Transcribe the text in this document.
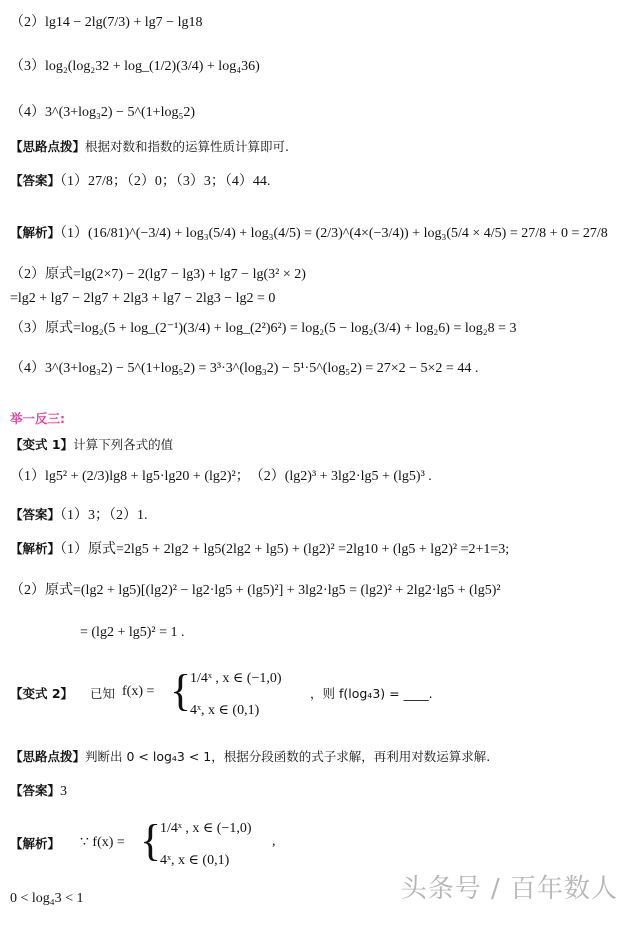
（2）lg14 − 2lg(7/3) + lg7 − lg18
（3）log₂(log₂32 + log_(1/2)(3/4) + log₄36)
（4）3^(3+log₃2) − 5^(1+log₅2)
【思路点拨】根据对数和指数的运算性质计算即可.
【答案】（1）27/8；（2）0；（3）3；（4）44.
【解析】（1）(16/81)^(−3/4) + log₃(5/4) + log₃(4/5) = (2/3)^(4×(−3/4)) + log₃(5/4 × 4/5) = 27/8 + 0 = 27/8
（2）原式=lg(2×7) − 2(lg7 − lg3) + lg7 − lg(3² × 2)
=lg2 + lg7 − 2lg7 + 2lg3 + lg7 − 2lg3 − lg2 = 0
（3）原式=log₂(5 + log_(2⁻¹)(3/4) + log_(2²)6²) = log₂(5 − log₂(3/4) + log₂6) = log₂8 = 3
（4）3^(3+log₃2) − 5^(1+log₅2) = 3³·3^(log₃2) − 5¹·5^(log₅2) = 27×2 − 5×2 = 44 .
举一反三:
【变式 1】计算下列各式的值
（1）lg5² + (2/3)lg8 + lg5·lg20 + (lg2)²；　（2）(lg2)³ + 3lg2·lg5 + (lg5)³ .
【答案】（1）3；（2）1.
【解析】（1）原式=2lg5 + 2lg2 + lg5(2lg2 + lg5) + (lg2)² =2lg10 + (lg5 + lg2)² =2+1=3;
（2）原式=(lg2 + lg5)[(lg2)² − lg2·lg5 + (lg5)²] + 3lg2·lg5 = (lg2)² + 2lg2·lg5 + (lg5)²
= (lg2 + lg5)² = 1 .
【变式 2】 已知 f(x) = {
1/4ˣ , x ∈ (−1,0)
4ˣ, x ∈ (0,1)
，则 f(log₄3) = ____.
【思路点拨】判断出 0 < log₄3 < 1，根据分段函数的式子求解，再利用对数运算求解.
【答案】3
【解析】 ∵ f(x) = {
1/4ˣ , x ∈ (−1,0)
4ˣ, x ∈ (0,1)
,
0 < log₄3 < 1	头条号 / 百年数人
